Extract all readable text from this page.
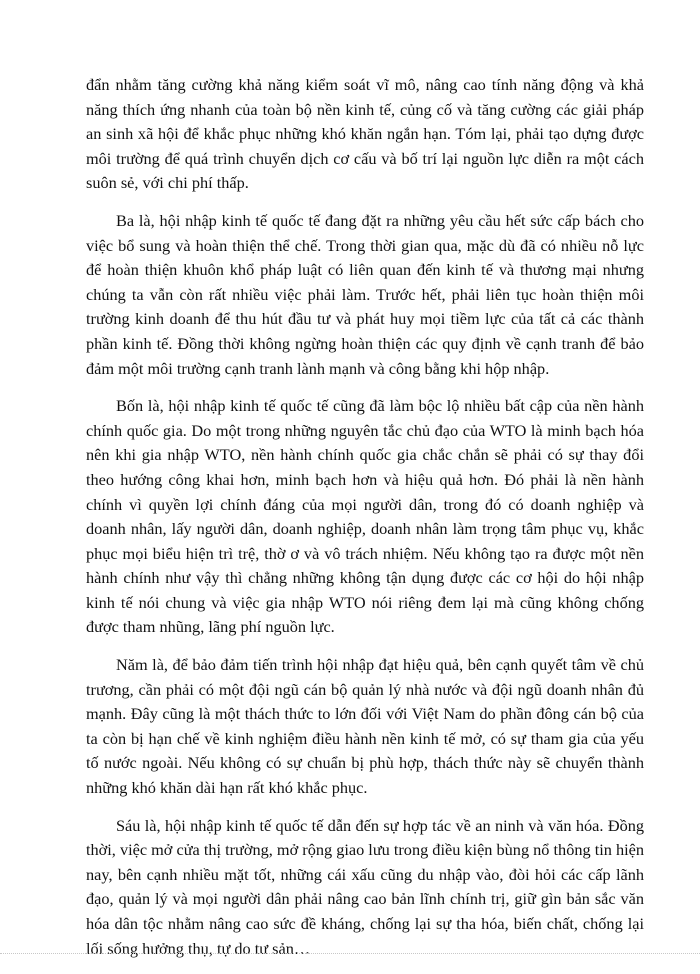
đẩn nhằm tăng cường khả năng kiểm soát vĩ mô, nâng cao tính năng động và khả năng thích ứng nhanh của toàn bộ nền kinh tế, củng cố và tăng cường các giải pháp an sinh xã hội để khắc phục những khó khăn ngắn hạn. Tóm lại, phải tạo dựng được môi trường để quá trình chuyển dịch cơ cấu và bố trí lại nguồn lực diễn ra một cách suôn sẻ, với chi phí thấp.

Ba là, hội nhập kinh tế quốc tế đang đặt ra những yêu cầu hết sức cấp bách cho việc bổ sung và hoàn thiện thể chế. Trong thời gian qua, mặc dù đã có nhiều nỗ lực để hoàn thiện khuôn khổ pháp luật có liên quan đến kinh tế và thương mại nhưng chúng ta vẫn còn rất nhiều việc phải làm. Trước hết, phải liên tục hoàn thiện môi trường kinh doanh để thu hút đầu tư và phát huy mọi tiềm lực của tất cả các thành phần kinh tế. Đồng thời không ngừng hoàn thiện các quy định về cạnh tranh để bảo đảm một môi trường cạnh tranh lành mạnh và công bằng khi hộp nhập.

Bốn là, hội nhập kinh tế quốc tế cũng đã làm bộc lộ nhiều bất cập của nền hành chính quốc gia. Do một trong những nguyên tắc chủ đạo của WTO là minh bạch hóa nên khi gia nhập WTO, nền hành chính quốc gia chắc chắn sẽ phải có sự thay đổi theo hướng công khai hơn, minh bạch hơn và hiệu quả hơn. Đó phải là nền hành chính vì quyền lợi chính đáng của mọi người dân, trong đó có doanh nghiệp và doanh nhân, lấy người dân, doanh nghiệp, doanh nhân làm trọng tâm phục vụ, khắc phục mọi biểu hiện trì trệ, thờ ơ và vô trách nhiệm. Nếu không tạo ra được một nền hành chính như vậy thì chẳng những không tận dụng được các cơ hội do hội nhập kinh tế nói chung và việc gia nhập WTO nói riêng đem lại mà cũng không chống được tham nhũng, lãng phí nguồn lực.

Năm là, để bảo đảm tiến trình hội nhập đạt hiệu quả, bên cạnh quyết tâm về chủ trương, cần phải có một đội ngũ cán bộ quản lý nhà nước và đội ngũ doanh nhân đủ mạnh. Đây cũng là một thách thức to lớn đối với Việt Nam do phần đông cán bộ của ta còn bị hạn chế về kinh nghiệm điều hành nền kinh tế mở, có sự tham gia của yếu tố nước ngoài. Nếu không có sự chuẩn bị phù hợp, thách thức này sẽ chuyển thành những khó khăn dài hạn rất khó khắc phục.

Sáu là, hội nhập kinh tế quốc tế dẫn đến sự hợp tác về an ninh và văn hóa. Đồng thời, việc mở cửa thị trường, mở rộng giao lưu trong điều kiện bùng nổ thông tin hiện nay, bên cạnh nhiều mặt tốt, những cái xấu cũng du nhập vào, đòi hỏi các cấp lãnh đạo, quản lý và mọi người dân phải nâng cao bản lĩnh chính trị, giữ gìn bản sắc văn hóa dân tộc nhằm nâng cao sức đề kháng, chống lại sự tha hóa, biến chất, chống lại lối sống hưởng thụ, tự do tư sản…
